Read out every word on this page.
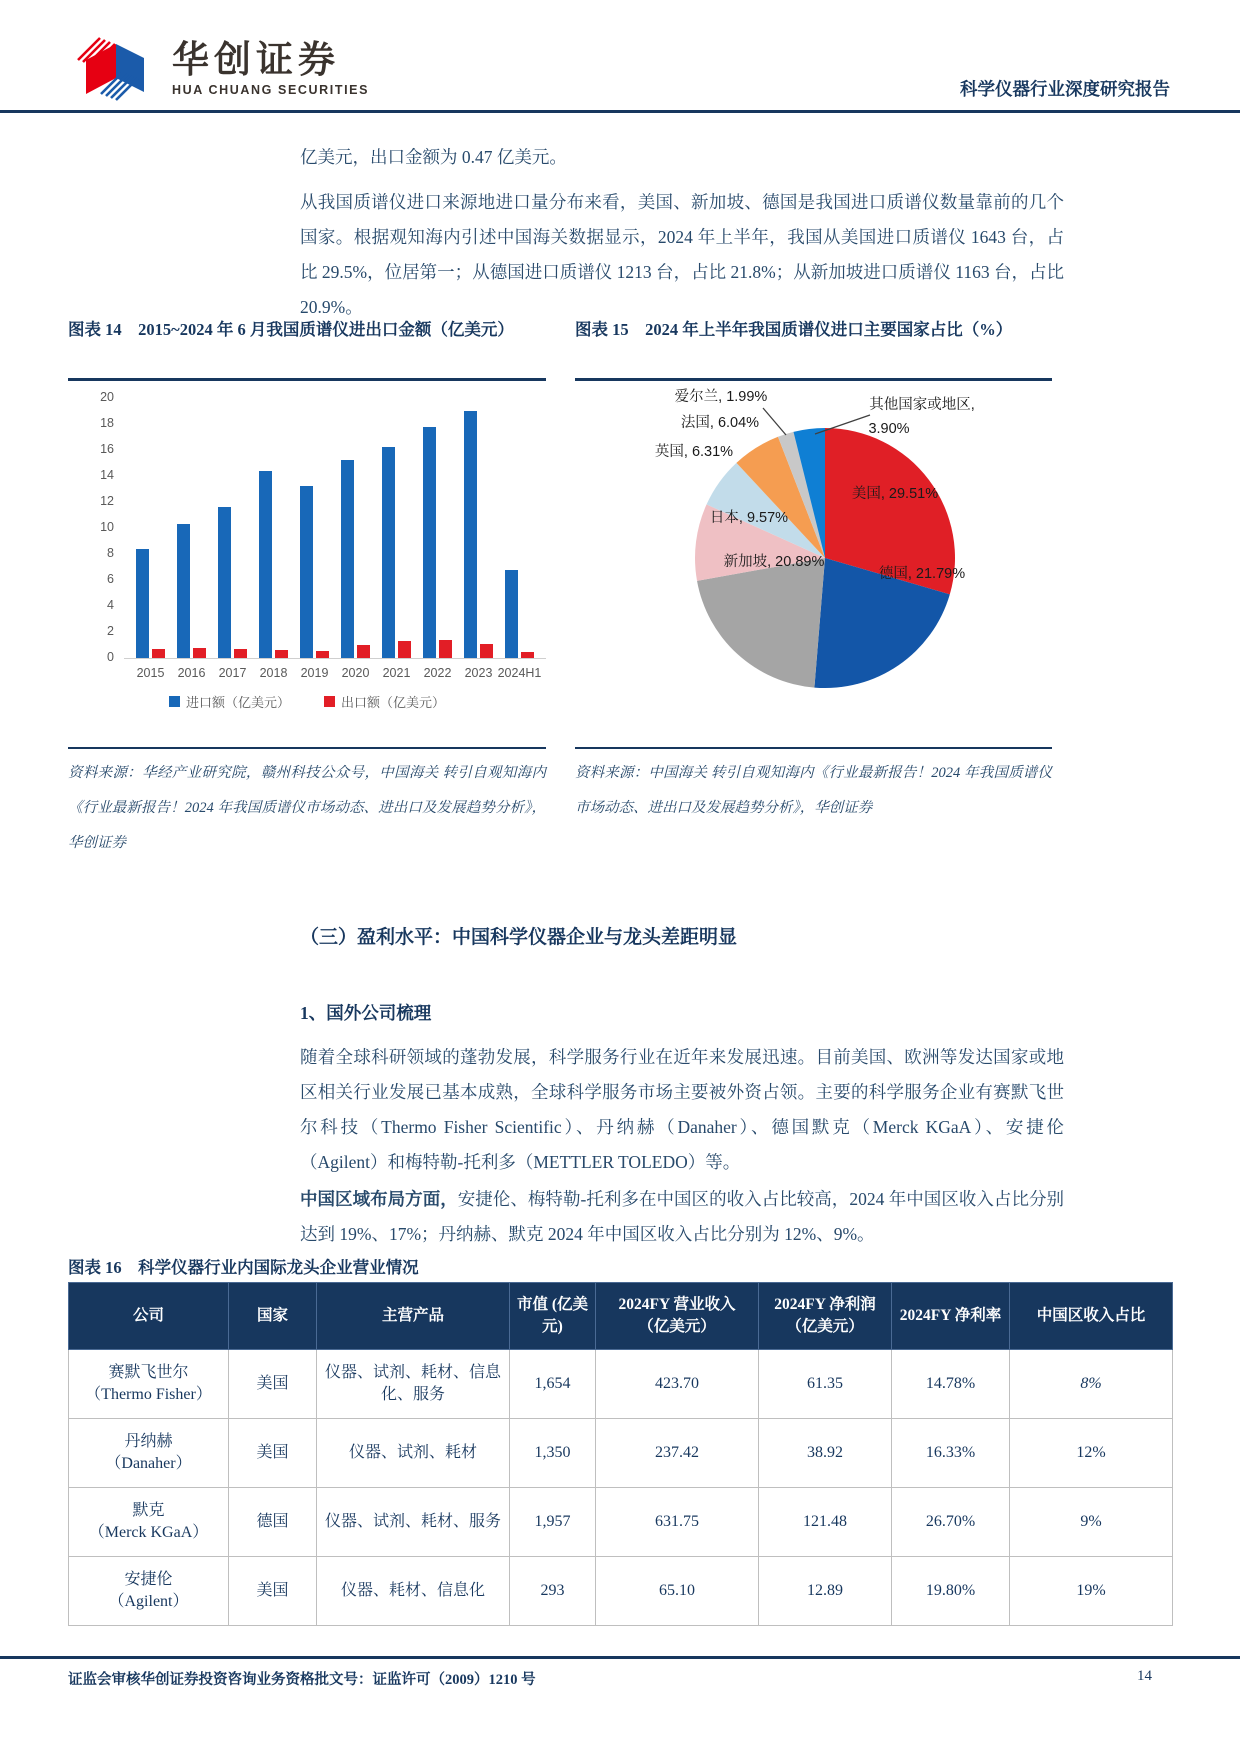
华创证券
HUA CHUANG SECURITIES	科学仪器行业深度研究报告
亿美元，出口金额为 0.47 亿美元。
从我国质谱仪进口来源地进口量分布来看，美国、新加坡、德国是我国进口质谱仪数量靠前的几个国家。根据观知海内引述中国海关数据显示，2024 年上半年，我国从美国进口质谱仪 1643 台，占比 29.5%，位居第一；从德国进口质谱仪 1213 台，占比 21.8%；从新加坡进口质谱仪 1163 台，占比 20.9%。
图表 14　2015~2024 年 6 月我国质谱仪进出口金额（亿美元）
20
18
16
14
12
10
8
6
4
2
0
2015	2016	2017	2018	2019	2020	2021	2022	2023 2024H1
进口额（亿美元）	出口额（亿美元）
资料来源：华经产业研究院，赣州科技公众号，中国海关 转引自观知海内《行业最新报告！2024 年我国质谱仪市场动态、进出口及发展趋势分析》，华创证券
图表 15　2024 年上半年我国质谱仪进口主要国家占比（%）
美国, 29.51%
德国, 21.79%
新加坡, 20.89%
日本, 9.57%
英国, 6.31%
法国, 6.04%
爱尔兰, 1.99%	其他国家或地区, 3.90%
资料来源：中国海关 转引自观知海内《行业最新报告！2024 年我国质谱仪市场动态、进出口及发展趋势分析》，华创证券
（三）盈利水平：中国科学仪器企业与龙头差距明显
1、国外公司梳理
随着全球科研领域的蓬勃发展，科学服务行业在近年来发展迅速。目前美国、欧洲等发达国家或地区相关行业发展已基本成熟，全球科学服务市场主要被外资占领。主要的科学服务企业有赛默飞世尔科技（Thermo Fisher Scientific）、丹纳赫（Danaher）、德国默克（Merck KGaA）、安捷伦（Agilent）和梅特勒-托利多（METTLER TOLEDO）等。
中国区域布局方面，安捷伦、梅特勒-托利多在中国区的收入占比较高，2024 年中国区收入占比分别达到 19%、17%；丹纳赫、默克 2024 年中国区收入占比分别为 12%、9%。
图表 16　科学仪器行业内国际龙头企业营业情况
公司	国家	主营产品	市值 (亿美元)	2024FY 营业收入 （亿美元）	2024FY 净利润 （亿美元）	2024FY 净利率	中国区收入占比

赛默飞世尔
（Thermo Fisher）	美国	仪器、试剂、耗材、信息化、服务	1,654	423.70	61.35	14.78%	8%

丹纳赫
（Danaher）	美国	仪器、试剂、耗材	1,350	237.42	38.92	16.33%	12%

默克
（Merck KGaA）	德国	仪器、试剂、耗材、服务	1,957	631.75	121.48	26.70%	9%

安捷伦
（Agilent）	美国	仪器、耗材、信息化	293	65.10	12.89	19.80%	19%
证监会审核华创证券投资咨询业务资格批文号：证监许可（2009）1210 号	14
